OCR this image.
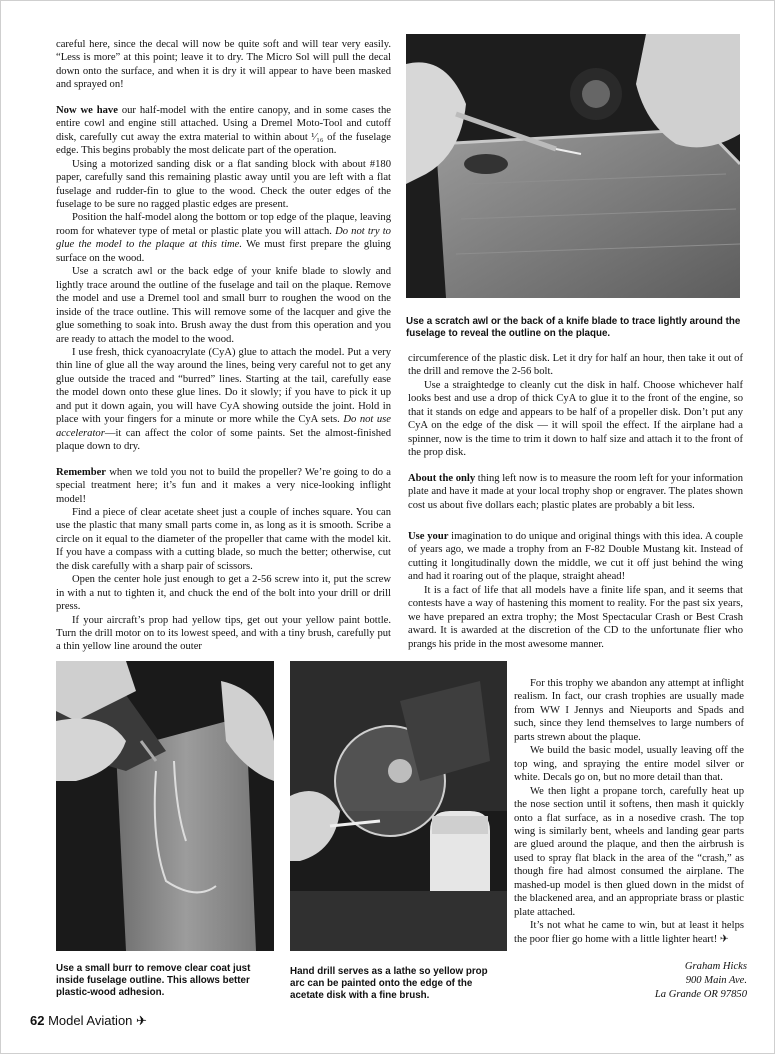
careful here, since the decal will now be quite soft and will tear very easily. “Less is more” at this point; leave it to dry. The Micro Sol will pull the decal down onto the surface, and when it is dry it will appear to have been masked and sprayed on!

Now we have our half-model with the entire canopy, and in some cases the entire cowl and engine still attached. Using a Dremel Moto-Tool and cutoff disk, carefully cut away the extra material to within about ¹⁄₁₆ of the fuselage edge. This begins probably the most delicate part of the operation.

Using a motorized sanding disk or a flat sanding block with about #180 paper, carefully sand this remaining plastic away until you are left with a flat fuselage and rudder-fin to glue to the wood. Check the outer edges of the fuselage to be sure no ragged plastic edges are present.

Position the half-model along the bottom or top edge of the plaque, leaving room for whatever type of metal or plastic plate you will attach. Do not try to glue the model to the plaque at this time. We must first prepare the gluing surface on the wood.

Use a scratch awl or the back edge of your knife blade to slowly and lightly trace around the outline of the fuselage and tail on the plaque. Remove the model and use a Dremel tool and small burr to roughen the wood on the inside of the trace outline. This will remove some of the lacquer and give the glue something to soak into. Brush away the dust from this operation and you are ready to attach the model to the wood.

I use fresh, thick cyanoacrylate (CyA) glue to attach the model. Put a very thin line of glue all the way around the lines, being very careful not to get any glue outside the traced and “burred” lines. Starting at the tail, carefully ease the model down onto these glue lines. Do it slowly; if you have to pick it up and put it down again, you will have CyA showing outside the joint. Hold in place with your fingers for a minute or more while the CyA sets. Do not use accelerator—it can affect the color of some paints. Set the almost-finished plaque down to dry.

Remember when we told you not to build the propeller? We’re going to do a special treatment here; it’s fun and it makes a very nice-looking inflight model!

Find a piece of clear acetate sheet just a couple of inches square. You can use the plastic that many small parts come in, as long as it is smooth. Scribe a circle on it equal to the diameter of the propeller that came with the model kit. If you have a compass with a cutting blade, so much the better; otherwise, cut the disk carefully with a sharp pair of scissors.

Open the center hole just enough to get a 2-56 screw into it, put the screw in with a nut to tighten it, and chuck the end of the bolt into your drill or drill press.

If your aircraft’s prop had yellow tips, get out your yellow paint bottle. Turn the drill motor on to its lowest speed, and with a tiny brush, carefully put a thin yellow line around the outer

Use a scratch awl or the back of a knife blade to trace lightly around the fuselage to reveal the outline on the plaque.

circumference of the plastic disk. Let it dry for half an hour, then take it out of the drill and remove the 2-56 bolt.

Use a straightedge to cleanly cut the disk in half. Choose whichever half looks best and use a drop of thick CyA to glue it to the front of the engine, so that it stands on edge and appears to be half of a propeller disk. Don’t put any CyA on the edge of the disk — it will spoil the effect. If the airplane had a spinner, now is the time to trim it down to half size and attach it to the front of the prop disk.

About the only thing left now is to measure the room left for your information plate and have it made at your local trophy shop or engraver. The plates shown cost us about five dollars each; plastic plates are probably a bit less.

Use your imagination to do unique and original things with this idea. A couple of years ago, we made a trophy from an F-82 Double Mustang kit. Instead of cutting it longitudinally down the middle, we cut it off just behind the wing and had it roaring out of the plaque, straight ahead!

It is a fact of life that all models have a finite life span, and it seems that contests have a way of hastening this moment to reality. For the past six years, we have prepared an extra trophy; the Most Spectacular Crash or Best Crash award. It is awarded at the discretion of the CD to the unfortunate flier who prangs his pride in the most awesome manner.

For this trophy we abandon any attempt at inflight realism. In fact, our crash trophies are usually made from WW I Jennys and Nieuports and Spads and such, since they lend themselves to large numbers of parts strewn about the plaque.

We build the basic model, usually leaving off the top wing, and spraying the entire model silver or white. Decals go on, but no more detail than that.

We then light a propane torch, carefully heat up the nose section until it softens, then mash it quickly onto a flat surface, as in a nosedive crash. The top wing is similarly bent, wheels and landing gear parts are glued around the plaque, and then the airbrush is used to spray flat black in the area of the “crash,” as though fire had almost consumed the airplane. The mashed-up model is then glued down in the midst of the blackened area, and an appropriate brass or plastic plate attached.

It’s not what he came to win, but at least it helps the poor flier go home with a little lighter heart! ✈

Use a small burr to remove clear coat just inside fuselage outline. This allows better plastic-wood adhesion.
Hand drill serves as a lathe so yellow prop arc can be painted onto the edge of the acetate disk with a fine brush.
Graham Hicks
900 Main Ave.
La Grande OR 97850
62 Model Aviation ✈
